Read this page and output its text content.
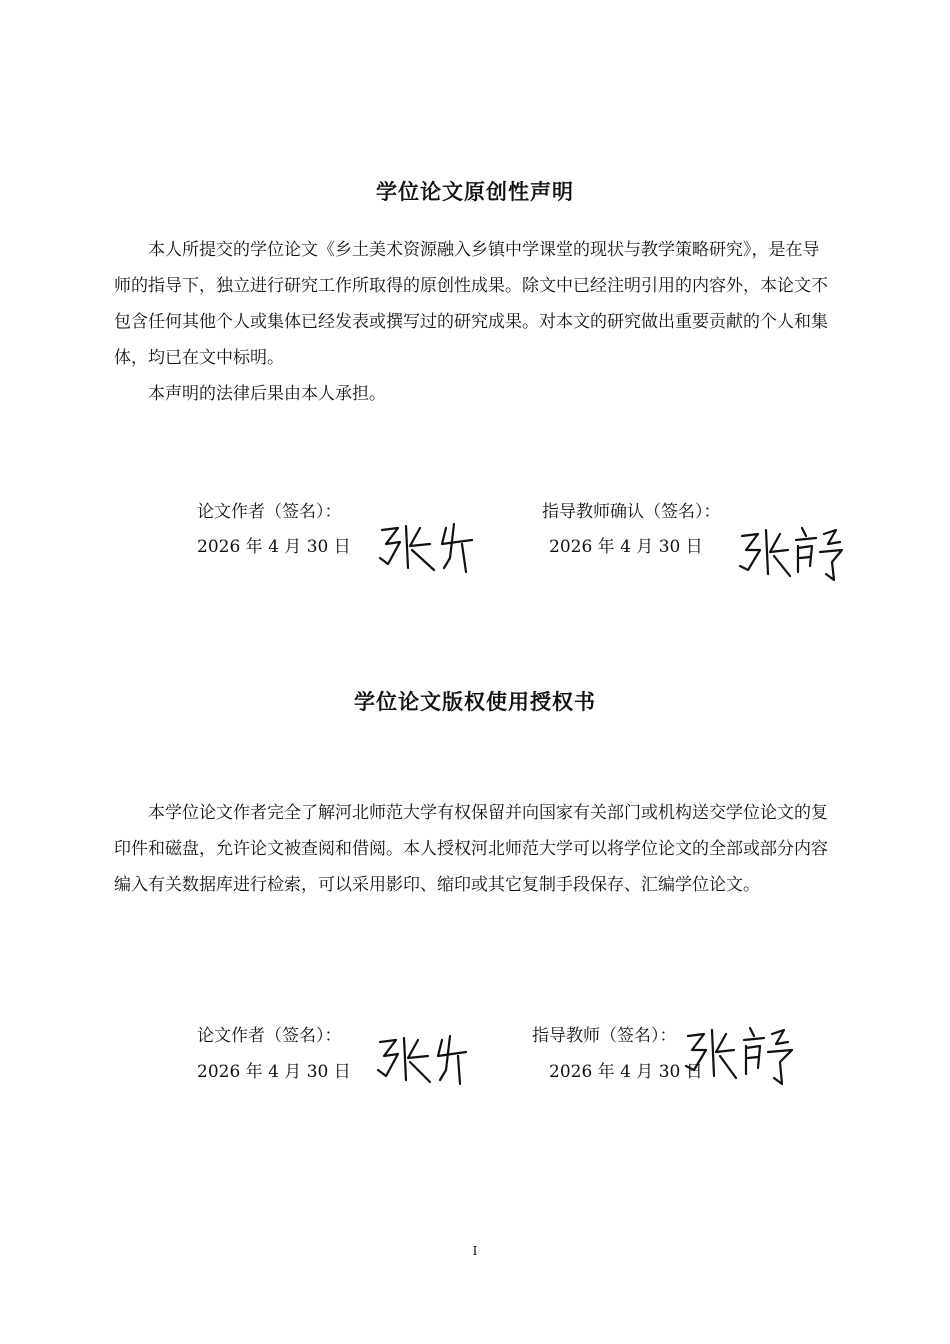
学位论文原创性声明

本人所提交的学位论文《乡土美术资源融入乡镇中学课堂的现状与教学策略研究》，是在导师的指导下，独立进行研究工作所取得的原创性成果。除文中已经注明引用的内容外，本论文不包含任何其他个人或集体已经发表或撰写过的研究成果。对本文的研究做出重要贡献的个人和集体，均已在文中标明。

本声明的法律后果由本人承担。

论文作者（签名）：
2026 年 4 月 30 日
指导教师确认（签名）：
2026 年 4 月 30 日
学位论文版权使用授权书

本学位论文作者完全了解河北师范大学有权保留并向国家有关部门或机构送交学位论文的复印件和磁盘，允许论文被查阅和借阅。本人授权河北师范大学可以将学位论文的全部或部分内容编入有关数据库进行检索，可以采用影印、缩印或其它复制手段保存、汇编学位论文。

论文作者（签名）：
2026 年 4 月 30 日
指导教师（签名）：
2026 年 4 月 30 日
I
